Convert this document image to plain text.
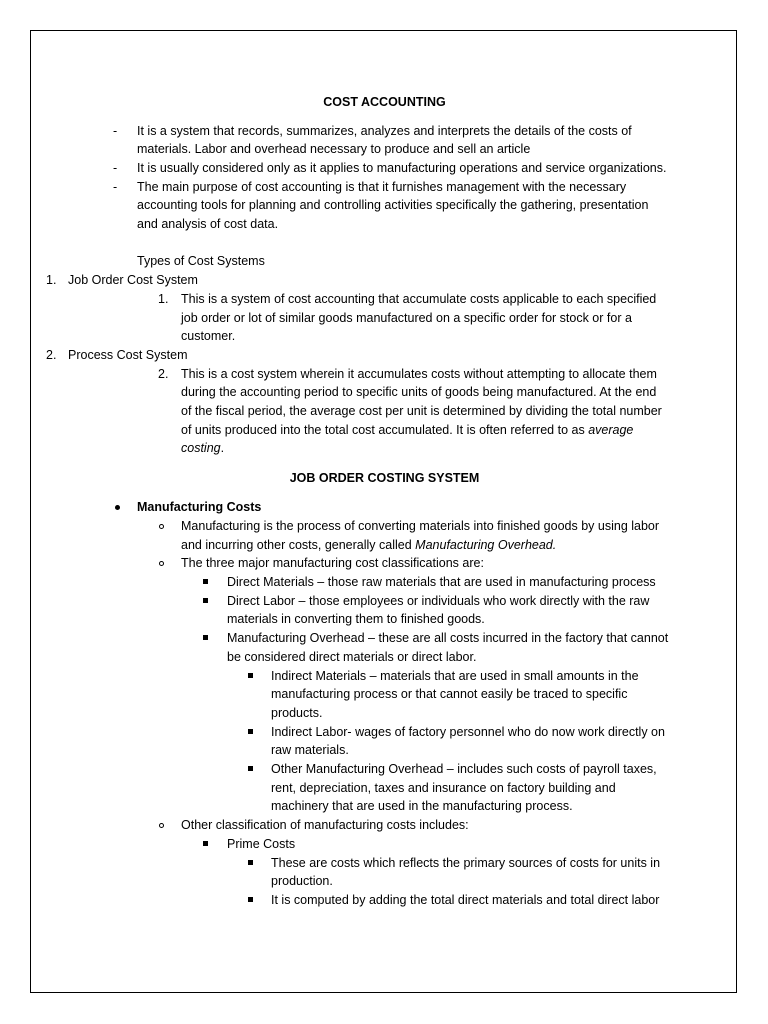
COST ACCOUNTING
- It is a system that records, summarizes, analyzes and interprets the details of the costs of
materials. Labor and overhead necessary to produce and sell an article
- It is usually considered only as it applies to manufacturing operations and service organizations.
- The main purpose of cost accounting is that it furnishes management with the necessary
accounting tools for planning and controlling activities specifically the gathering, presentation
and analysis of cost data.
Types of Cost Systems
1. Job Order Cost System
1. This is a system of cost accounting that accumulate costs applicable to each specified
job order or lot of similar goods manufactured on a specific order for stock or for a
customer.
2. Process Cost System
2. This is a cost system wherein it accumulates costs without attempting to allocate them
during the accounting period to specific units of goods being manufactured. At the end
of the fiscal period, the average cost per unit is determined by dividing the total number
of units produced into the total cost accumulated. It is often referred to as average
costing.
JOB ORDER COSTING SYSTEM
Manufacturing Costs
Manufacturing is the process of converting materials into finished goods by using labor
and incurring other costs, generally called Manufacturing Overhead.
The three major manufacturing cost classifications are:
Direct Materials – those raw materials that are used in manufacturing process
Direct Labor – those employees or individuals who work directly with the raw
materials in converting them to finished goods.
Manufacturing Overhead – these are all costs incurred in the factory that cannot
be considered direct materials or direct labor.
Indirect Materials – materials that are used in small amounts in the
manufacturing process or that cannot easily be traced to specific
products.
Indirect Labor- wages of factory personnel who do now work directly on
raw materials.
Other Manufacturing Overhead – includes such costs of payroll taxes,
rent, depreciation, taxes and insurance on factory building and
machinery that are used in the manufacturing process.
Other classification of manufacturing costs includes:
Prime Costs
These are costs which reflects the primary sources of costs for units in
production.
It is computed by adding the total direct materials and total direct labor
